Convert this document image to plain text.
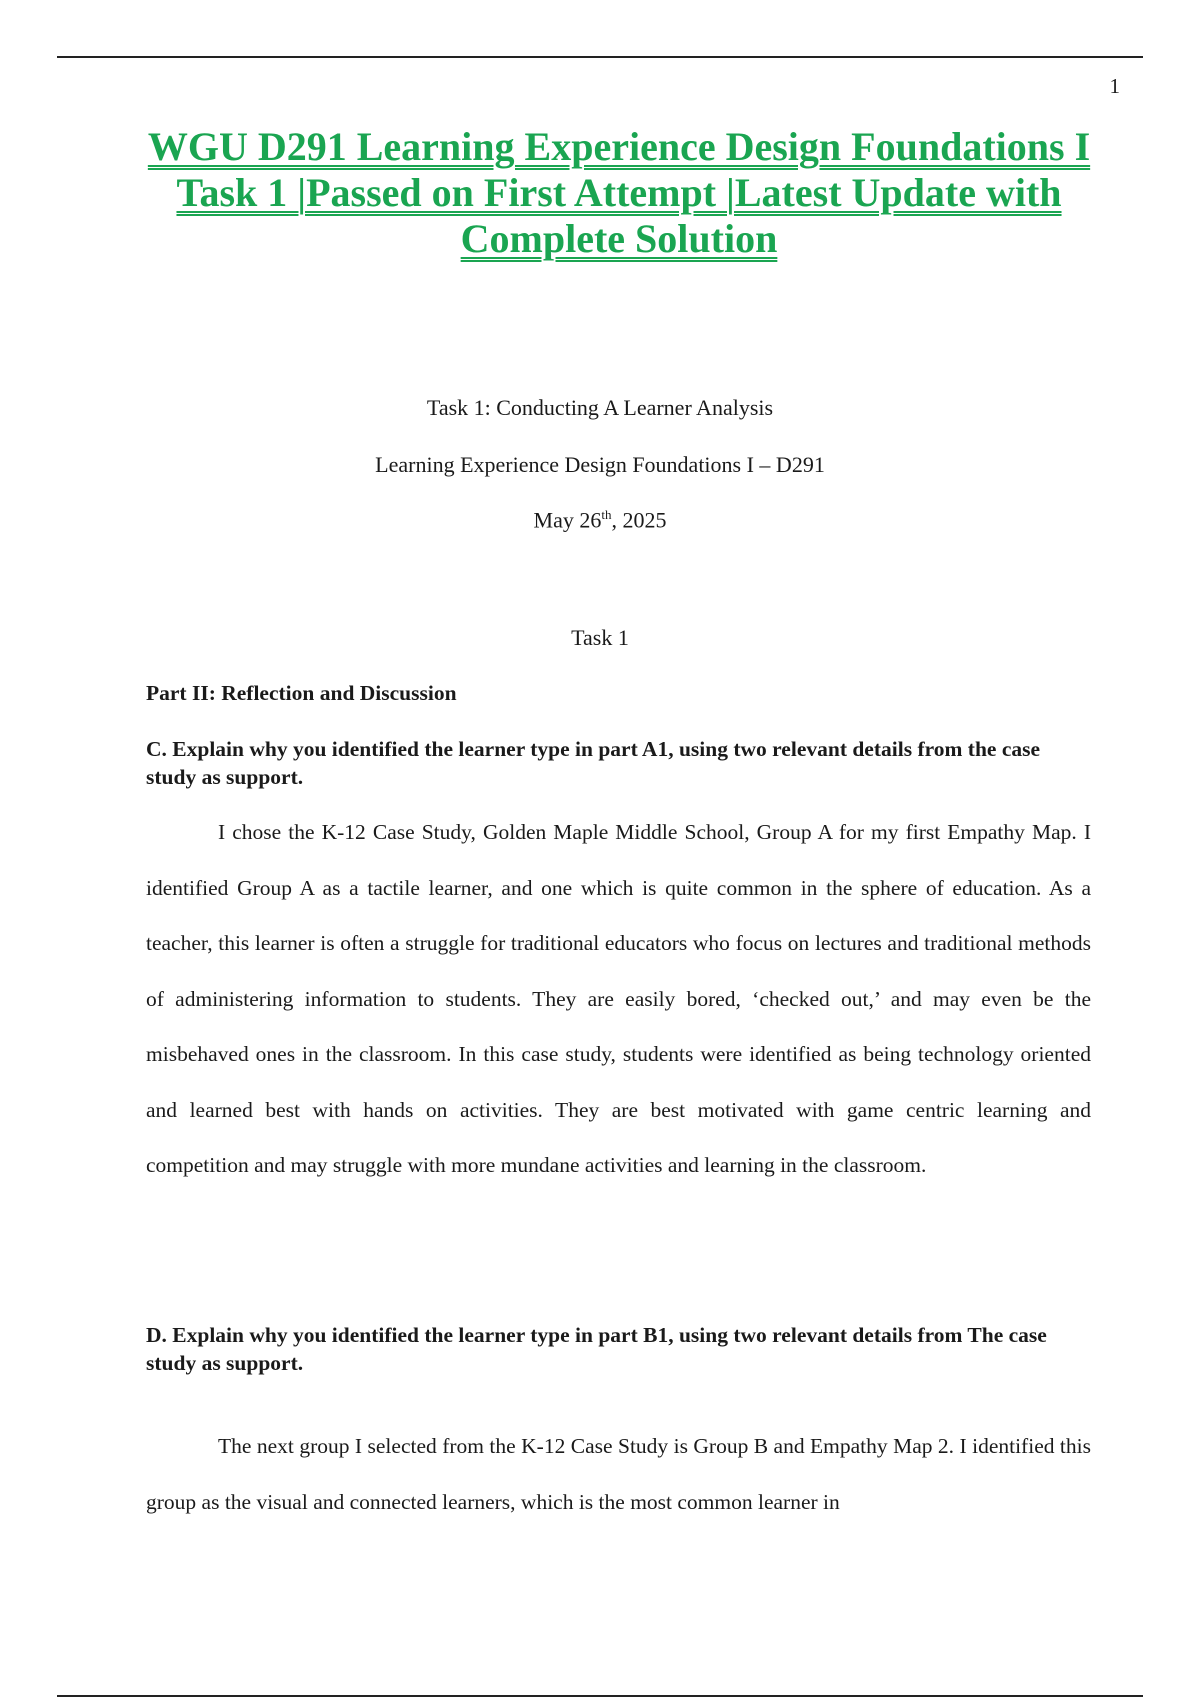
1
WGU D291 Learning Experience Design Foundations I Task 1 |Passed on First Attempt |Latest Update with Complete Solution
Task 1: Conducting A Learner Analysis
Learning Experience Design Foundations I – D291
May 26th, 2025
Task 1
Part II: Reflection and Discussion
C. Explain why you identified the learner type in part A1, using two relevant details from the case study as support.

I chose the K-12 Case Study, Golden Maple Middle School, Group A for my first Empathy Map. I identified Group A as a tactile learner, and one which is quite common in the sphere of education. As a teacher, this learner is often a struggle for traditional educators who focus on lectures and traditional methods of administering information to students. They are easily bored, ‘checked out,’ and may even be the misbehaved ones in the classroom. In this case study, students were identified as being technology oriented and learned best with hands on activities. They are best motivated with game centric learning and competition and may struggle with more mundane activities and learning in the classroom.

D. Explain why you identified the learner type in part B1, using two relevant details from The case study as support.

The next group I selected from the K-12 Case Study is Group B and Empathy Map 2. I identified this group as the visual and connected learners, which is the most common learner in
